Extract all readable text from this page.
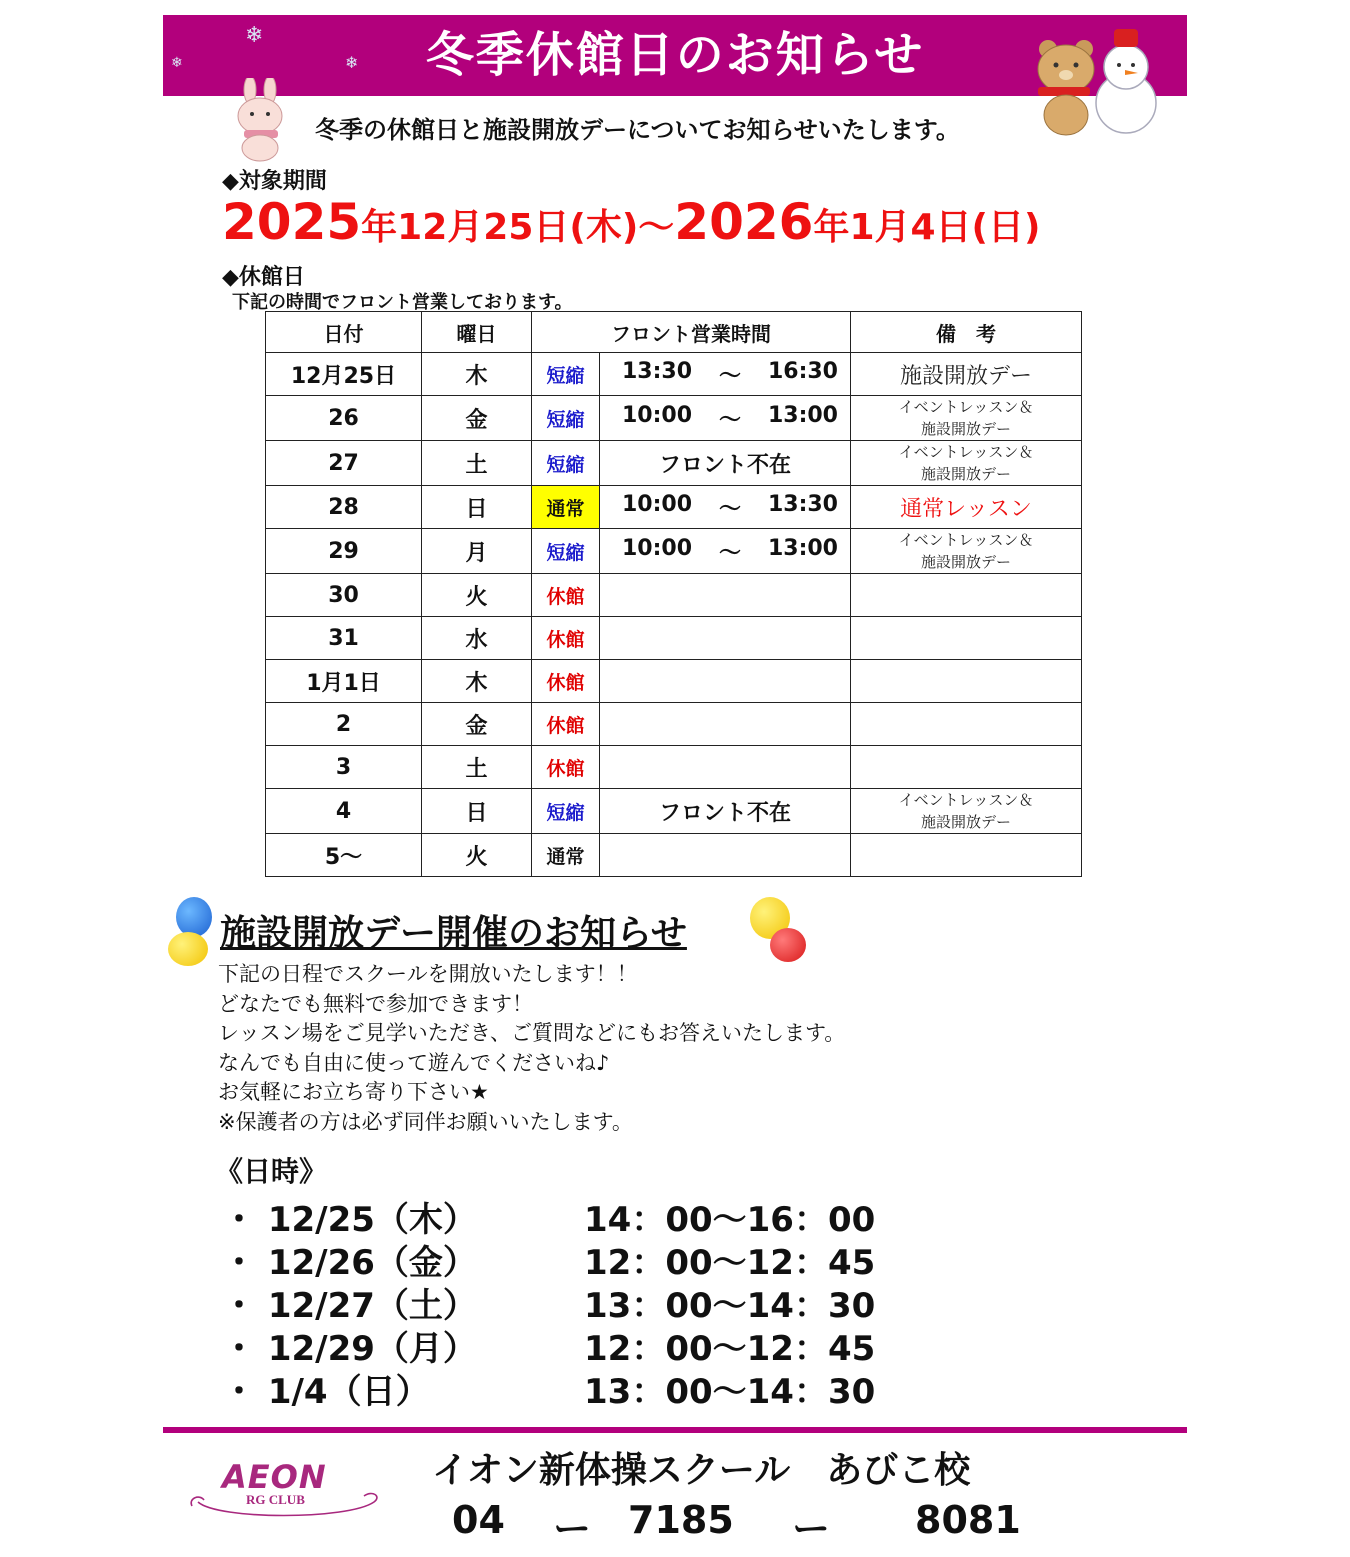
❄
❄	❄	冬季休館日のお知らせ
冬季の休館日と施設開放デーについてお知らせいたします。
◆対象期間
2025年12月25日(木)～2026年1月4日(日)
◆休館日
下記の時間でフロント営業しております。
日付	曜日	フロント営業時間		備　考
12月25日	木	短縮	13:30 ～ 16:30	施設開放デー
26	金	短縮	10:00 ～ 13:00	イベントレッスン＆
施設開放デー
27	土	短縮	フロント不在	イベントレッスン＆
施設開放デー
28	日	通常	10:00 ～ 13:30	通常レッスン
29	月	短縮	10:00 ～ 13:00	イベントレッスン＆
施設開放デー
30	火	休館		
31	水	休館		
1月1日	木	休館		
2	金	休館		
3	土	休館		
4	日	短縮	フロント不在	イベントレッスン＆
施設開放デー
5～	火	通常		
施設開放デー開催のお知らせ
下記の日程でスクールを開放いたします！！
どなたでも無料で参加できます！
レッスン場をご見学いただき、ご質問などにもお答えいたします。
なんでも自由に使って遊んでくださいね♪
お気軽にお立ち寄り下さい★
※保護者の方は必ず同伴お願いいたします。
《日時》
・ 12/25（木）	14：00～16：00
・ 12/26（金）	12：00～12：45
・ 12/27（土）	13：00～14：30
・ 12/29（月）	12：00～12：45
・ 1/4（日）	13：00～14：30
AEON
RG CLUB
イオン新体操スクール　あびこ校
04 ー 7185 ー 8081
